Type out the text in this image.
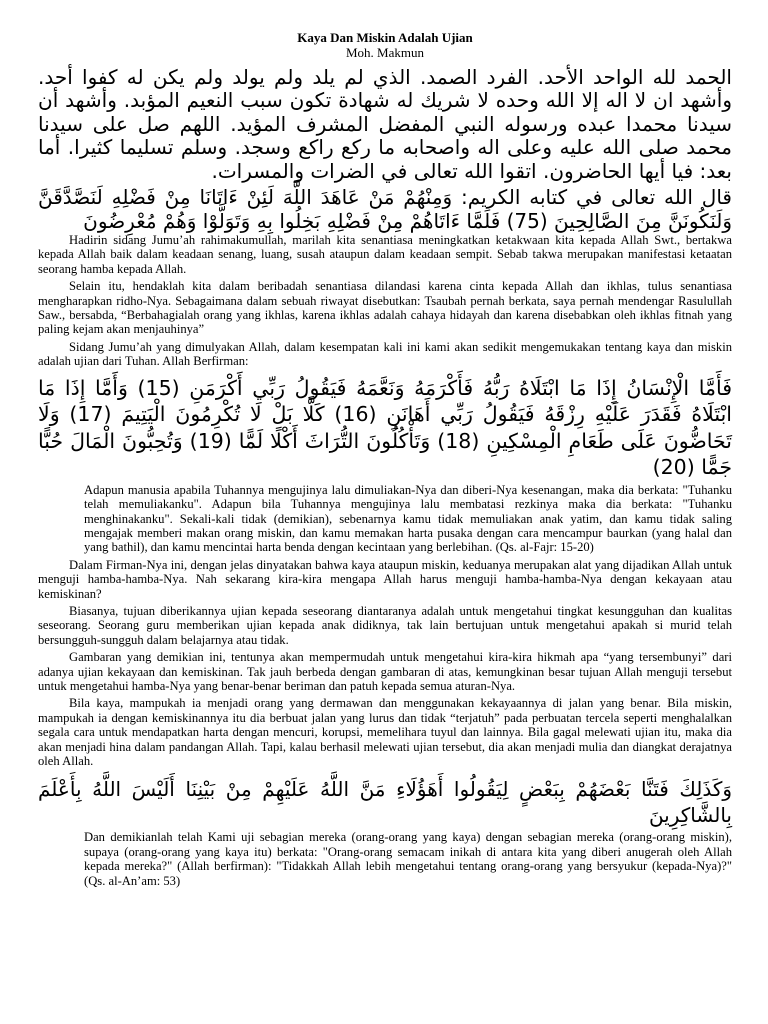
Kaya Dan Miskin Adalah Ujian
Moh. Makmun
الحمد لله الواحد الأحد. الفرد الصمد. الذي لم يلد ولم يولد ولم يكن له كفوا أحد. وأشهد ان لا اله إلا الله وحده لا شريك له شهادة تكون سبب النعيم المؤبد. وأشهد أن سيدنا محمدا عبده ورسوله النبي المفضل المشرف المؤيد. اللهم صل على سيدنا محمد صلى الله عليه وعلى اله واصحابه ما ركع راكع وسجد. وسلم تسليما كثيرا. أما بعد: فيا أيها الحاضرون. اتقوا الله تعالى في الضرات والمسرات.
قال الله تعالى في كتابه الكريم: وَمِنْهُمْ مَنْ عَاهَدَ اللَّهَ لَئِنْ ءَاتَانَا مِنْ فَضْلِهِ لَنَصَّدَّقَنَّ وَلَنَكُونَنَّ مِنَ الصَّالِحِينَ (75) فَلَمَّا ءَاتَاهُمْ مِنْ فَضْلِهِ بَخِلُوا بِهِ وَتَوَلَّوْا وَهُمْ مُعْرِضُونَ

Hadirin sidang Jumu’ah rahimakumullah, marilah kita senantiasa meningkatkan ketakwaan kita kepada Allah Swt., bertakwa kepada Allah baik dalam keadaan senang, luang, susah ataupun dalam keadaan sempit. Sebab takwa merupakan manifestasi ketaatan seorang hamba kepada Allah.

Selain itu, hendaklah kita dalam beribadah senantiasa dilandasi karena cinta kepada Allah dan ikhlas, tulus senantiasa mengharapkan ridho-Nya. Sebagaimana dalam sebuah riwayat disebutkan: Tsaubah pernah berkata, saya pernah mendengar Rasulullah Saw., bersabda, “Berbahagialah orang yang ikhlas, karena ikhlas adalah cahaya hidayah dan karena disebabkan oleh ikhlas fitnah yang paling kejam akan menjauhinya”

Sidang Jumu’ah yang dimulyakan Allah, dalam kesempatan kali ini kami akan sedikit mengemukakan tentang kaya dan miskin adalah ujian dari Tuhan. Allah Berfirman:

فَأَمَّا الْإِنْسَانُ إِذَا مَا ابْتَلَاهُ رَبُّهُ فَأَكْرَمَهُ وَنَعَّمَهُ فَيَقُولُ رَبِّي أَكْرَمَنِ (15) وَأَمَّا إِذَا مَا ابْتَلَاهُ فَقَدَرَ عَلَيْهِ رِزْقَهُ فَيَقُولُ رَبِّي أَهَانَنِ (16) كَلَّا بَلْ لَا تُكْرِمُونَ الْيَتِيمَ (17) وَلَا تَحَاضُّونَ عَلَى طَعَامِ الْمِسْكِينِ (18) وَتَأْكُلُونَ التُّرَاثَ أَكْلًا لَمًّا (19) وَتُحِبُّونَ الْمَالَ حُبًّا جَمًّا (20)

Adapun manusia apabila Tuhannya mengujinya lalu dimuliakan-Nya dan diberi-Nya kesenangan, maka dia berkata: "Tuhanku telah memuliakanku". Adapun bila Tuhannya mengujinya lalu membatasi rezkinya maka dia berkata: "Tuhanku menghinakanku". Sekali-kali tidak (demikian), sebenarnya kamu tidak memuliakan anak yatim, dan kamu tidak saling mengajak memberi makan orang miskin, dan kamu memakan harta pusaka dengan cara mencampur baurkan (yang halal dan yang bathil), dan kamu mencintai harta benda dengan kecintaan yang berlebihan. (Qs. al-Fajr: 15-20)

Dalam Firman-Nya ini, dengan jelas dinyatakan bahwa kaya ataupun miskin, keduanya merupakan alat yang dijadikan Allah untuk menguji hamba-hamba-Nya. Nah sekarang kira-kira mengapa Allah harus menguji hamba-hamba-Nya dengan kekayaan atau kemiskinan?

Biasanya, tujuan diberikannya ujian kepada seseorang diantaranya adalah untuk mengetahui tingkat kesungguhan dan kualitas seseorang. Seorang guru memberikan ujian kepada anak didiknya, tak lain bertujuan untuk mengetahui apakah si murid telah bersungguh-sungguh dalam belajarnya atau tidak.

Gambaran yang demikian ini, tentunya akan mempermudah untuk mengetahui kira-kira hikmah apa “yang tersembunyi” dari adanya ujian kekayaan dan kemiskinan. Tak jauh berbeda dengan gambaran di atas, kemungkinan besar tujuan Allah menguji tersebut untuk mengetahui hamba-Nya yang benar-benar beriman dan patuh kepada semua aturan-Nya.

Bila kaya, mampukah ia menjadi orang yang dermawan dan menggunakan kekayaannya di jalan yang benar. Bila miskin, mampukah ia dengan kemiskinannya itu dia berbuat jalan yang lurus dan tidak “terjatuh” pada perbuatan tercela seperti menghalalkan segala cara untuk mendapatkan harta dengan mencuri, korupsi, memelihara tuyul dan lainnya. Bila gagal melewati ujian itu, maka dia akan menjadi hina dalam pandangan Allah. Tapi, kalau berhasil melewati ujian tersebut, dia akan menjadi mulia dan diangkat derajatnya oleh Allah.

وَكَذَلِكَ فَتَنَّا بَعْضَهُمْ بِبَعْضٍ لِيَقُولُوا أَهَؤُلَاءِ مَنَّ اللَّهُ عَلَيْهِمْ مِنْ بَيْنِنَا أَلَيْسَ اللَّهُ بِأَعْلَمَ بِالشَّاكِرِينَ

Dan demikianlah telah Kami uji sebagian mereka (orang-orang yang kaya) dengan sebagian mereka (orang-orang miskin), supaya (orang-orang yang kaya itu) berkata: "Orang-orang semacam inikah di antara kita yang diberi anugerah oleh Allah kepada mereka?" (Allah berfirman): "Tidakkah Allah lebih mengetahui tentang orang-orang yang bersyukur (kepada-Nya)?"(Qs. al-An’am: 53)
